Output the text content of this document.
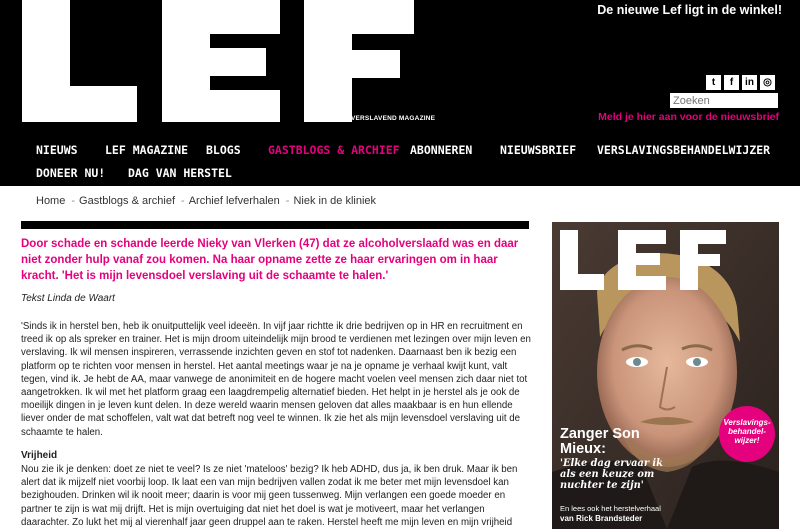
EEN VERSLAVEND MAGAZINE
De nieuwe Lef ligt in de winkel!
t	f	in ◎
Zoeken
Meld je hier aan voor de nieuwsbrief
NIEUWS LEF MAGAZINE BLOGS GASTBLOGS & ARCHIEF ABONNEREN NIEUWSBRIEF VERSLAVINGSBEHANDELWIJZER
DONEER NU! DAG VAN HERSTEL
Home - Gastblogs & archief - Archief lefverhalen - Niek in de kliniek
Door schade en schande leerde Nieky van Vlerken (47) dat ze alcoholverslaafd was en daar niet zonder hulp vanaf zou komen. Na haar opname zette ze haar ervaringen om in haar kracht. 'Het is mijn levensdoel verslaving uit de schaamte te halen.'
Tekst Linda de Waart
'Sinds ik in herstel ben, heb ik onuitputtelijk veel ideeën. In vijf jaar richtte ik drie bedrijven op in HR en recruitment en treed ik op als spreker en trainer. Het is mijn droom uiteindelijk mijn brood te verdienen met lezingen over mijn leven en verslaving. Ik wil mensen inspireren, verrassende inzichten geven en stof tot nadenken. Daarnaast ben ik bezig een platform op te richten voor mensen in herstel. Het aantal meetings waar je na je opname je verhaal kwijt kunt, valt tegen, vind ik. Je hebt de AA, maar vanwege de anonimiteit en de hogere macht voelen veel mensen zich daar niet tot aangetrokken. Ik wil met het platform graag een laagdrempelig alternatief bieden. Het helpt in je herstel als je ook de moeilijk dingen in je leven kunt delen. In deze wereld waarin mensen geloven dat alles maakbaar is en hun ellende liever onder de mat schoffelen, valt wat dat betreft nog veel te winnen. Ik zie het als mijn levensdoel verslaving uit de schaamte te halen.
Vrijheid
Nou zie ik je denken: doet ze niet te veel? Is ze niet 'mateloos' bezig? Ik heb ADHD, dus ja, ik ben druk. Maar ik ben alert dat ik mijzelf niet voorbij loop. Ik laat een van mijn bedrijven vallen zodat ik me beter met mijn levensdoel kan bezighouden. Drinken wil ik nooit meer; daarin is voor mij geen tussenweg. Mijn verlangen een goede moeder en partner te zijn is wat mij drijft. Het is mijn overtuiging dat niet het doel is wat je motiveert, maar het verlangen daarachter. Zo lukt het mij al vierenhalf jaar geen druppel aan te raken. Herstel heeft me mijn leven en mijn vrijheid
Verslavings- behandel- wijzer!
Zanger Son Mieux:
'Elke dag ervaar ik als een keuze om nuchter te zijn'
En lees ook het herstelverhaal
van Rick Brandsteder
